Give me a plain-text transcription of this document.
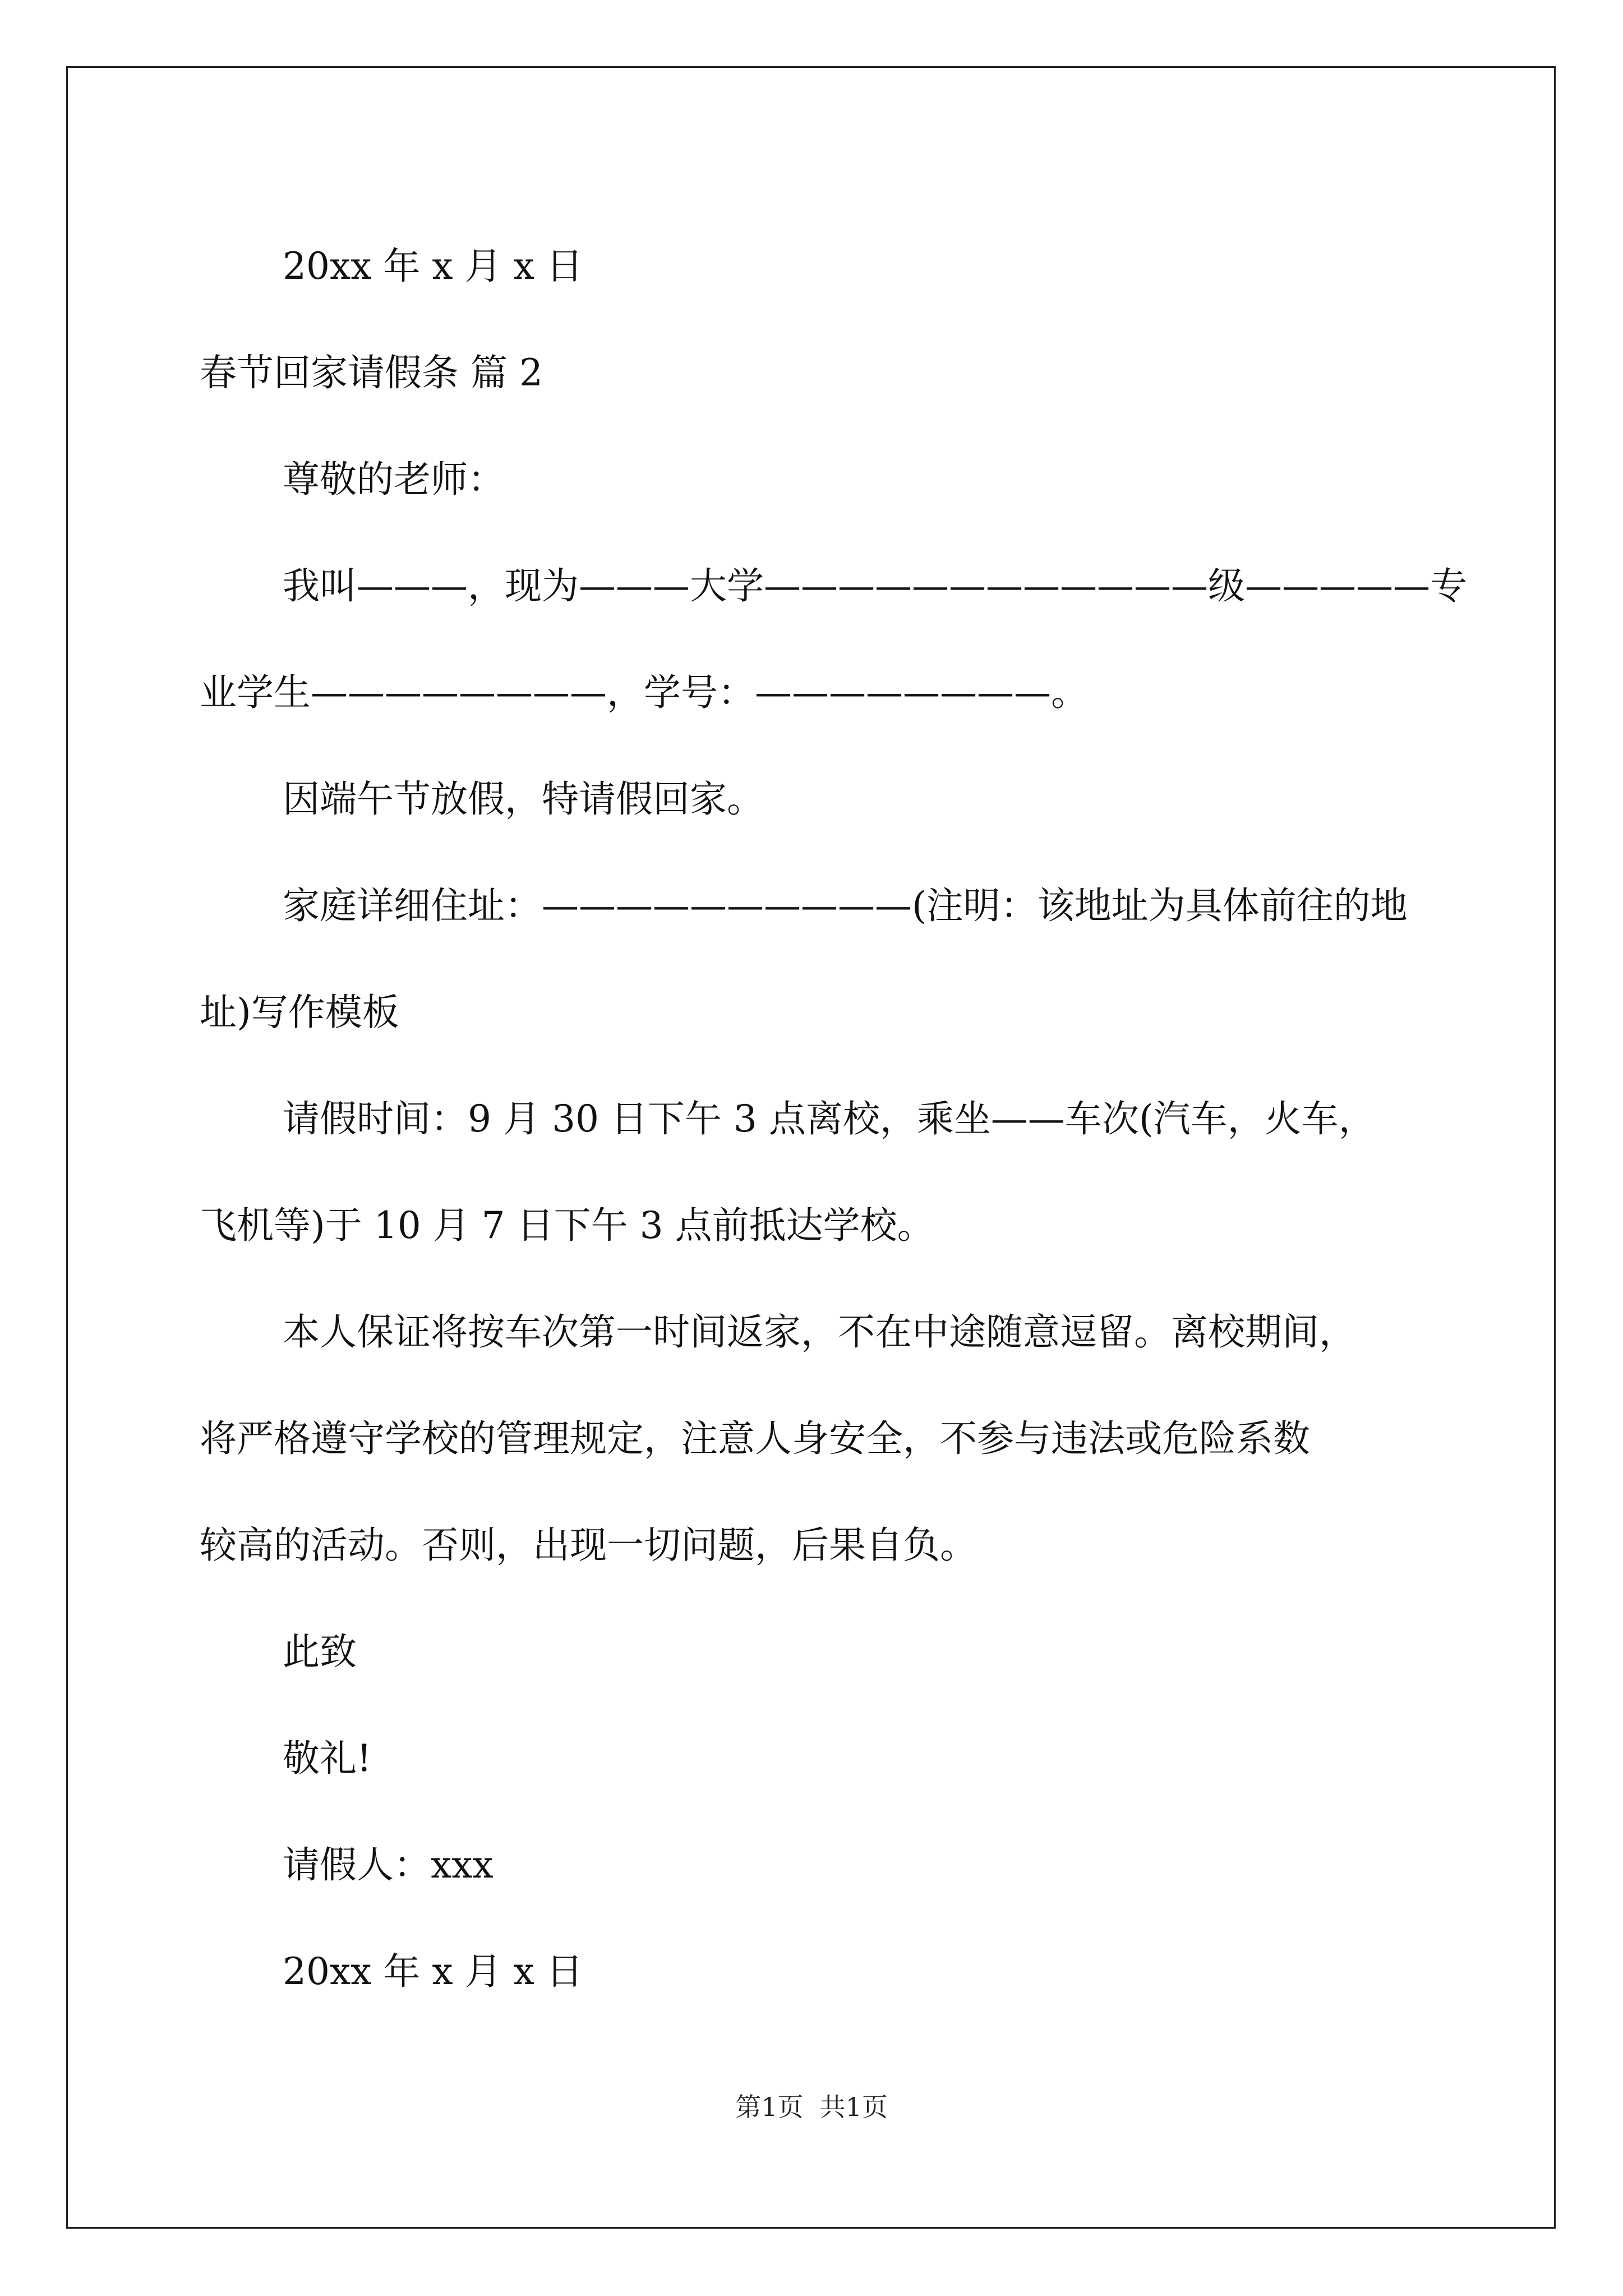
20xx 年 x 月 x 日

春节回家请假条 篇 2

尊敬的老师：

我叫———，现为———大学————————————级—————专

业学生————————，学号：————————。

因端午节放假，特请假回家。

家庭详细住址：——————————(注明：该地址为具体前往的地

址)写作模板

请假时间：9 月 30 日下午 3 点离校，乘坐——车次(汽车，火车，

飞机等)于 10 月 7 日下午 3 点前抵达学校。

本人保证将按车次第一时间返家，不在中途随意逗留。离校期间，

将严格遵守学校的管理规定，注意人身安全，不参与违法或危险系数

较高的活动。否则，出现一切问题，后果自负。

此致

敬礼!

请假人：xxx

20xx 年 x 月 x 日

第1页  共1页
